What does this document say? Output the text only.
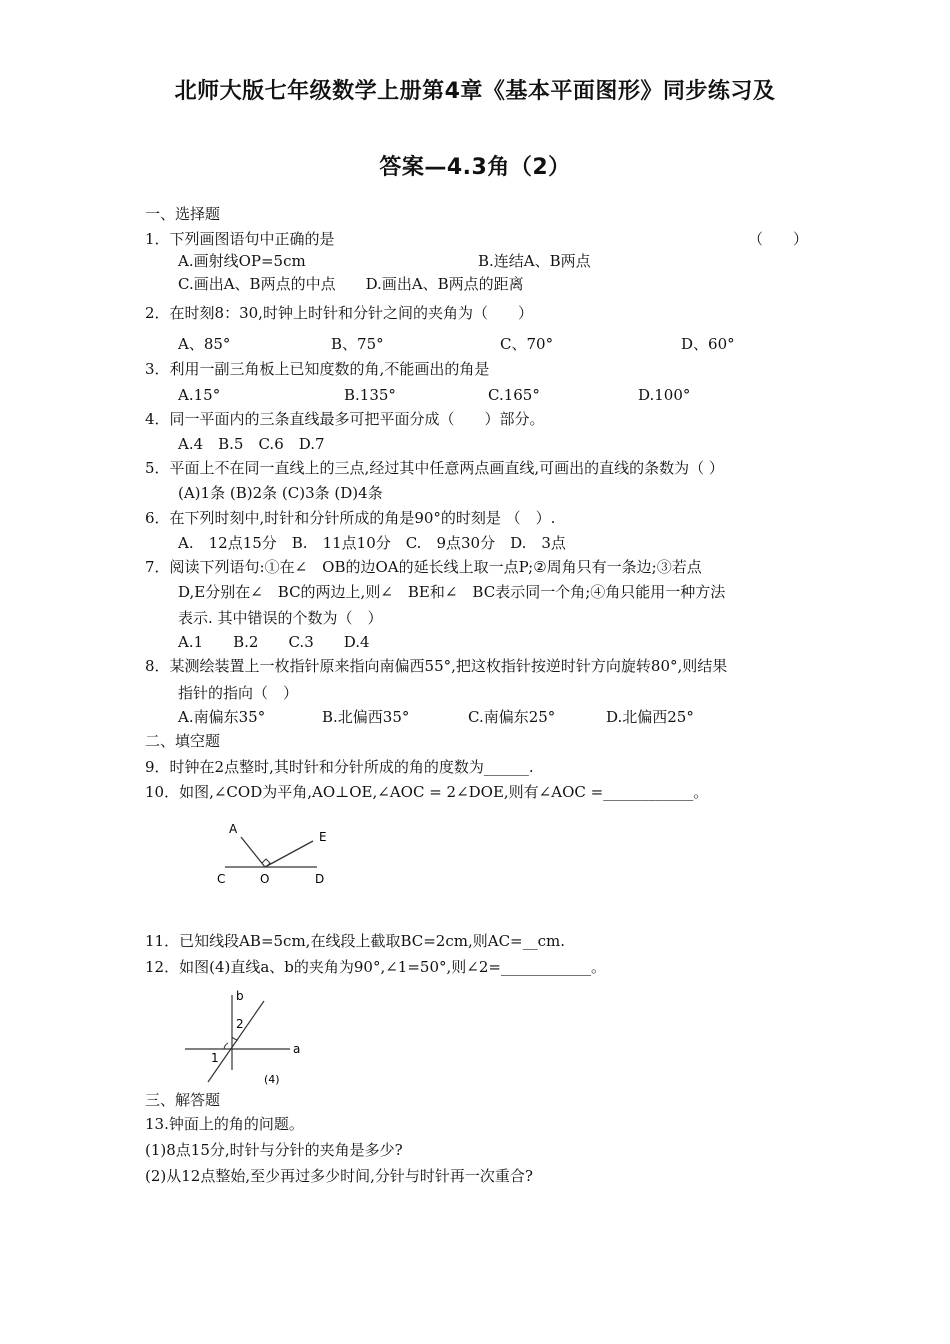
北师大版七年级数学上册第4章《基本平面图形》同步练习及
答案—4.3角（2）
一、选择题
1．下列画图语句中正确的是	（　　）
A.画射线OP=5cm	B.连结A、B两点
C.画出A、B两点的中点　　D.画出A、B两点的距离
2．在时刻8：30,时钟上时针和分针之间的夹角为（　　）
A、85°	B、75°	C、70°	D、60°
3．利用一副三角板上已知度数的角,不能画出的角是
A.15°	B.135°	C.165°	D.100°
4．同一平面内的三条直线最多可把平面分成（　　）部分。
A.4　B.5　C.6　D.7
5．平面上不在同一直线上的三点,经过其中任意两点画直线,可画出的直线的条数为（ ）
(A)1条 (B)2条 (C)3条 (D)4条
6．在下列时刻中,时针和分针所成的角是90°的时刻是 （　）.
A.　12点15分　B.　11点10分　C.　9点30分　D.　3点
7．阅读下列语句:①在∠　OB的边OA的延长线上取一点P;②周角只有一条边;③若点
D,E分别在∠　BC的两边上,则∠　BE和∠　BC表示同一个角;④角只能用一种方法
表示. 其中错误的个数为（　）
A.1　　B.2　　C.3　　D.4
8．某测绘装置上一枚指针原来指向南偏西55°,把这枚指针按逆时针方向旋转80°,则结果
指针的指向（　）
A.南偏东35°	B.北偏西35°	C.南偏东25°	D.北偏西25°
二、填空题
9．时钟在2点整时,其时针和分针所成的角的度数为______.
10．如图,∠COD为平角,AO⊥OE,∠AOC = 2∠DOE,则有∠AOC =____________。
A
E
C	O	D
11．已知线段AB=5cm,在线段上截取BC=2cm,则AC=__cm.
12．如图(4)直线a、b的夹角为90°,∠1=50°,则∠2=____________。
b
a
1
2
(4)
三、解答题
13.钟面上的角的问题。
(1)8点15分,时针与分针的夹角是多少?
(2)从12点整始,至少再过多少时间,分针与时针再一次重合?
